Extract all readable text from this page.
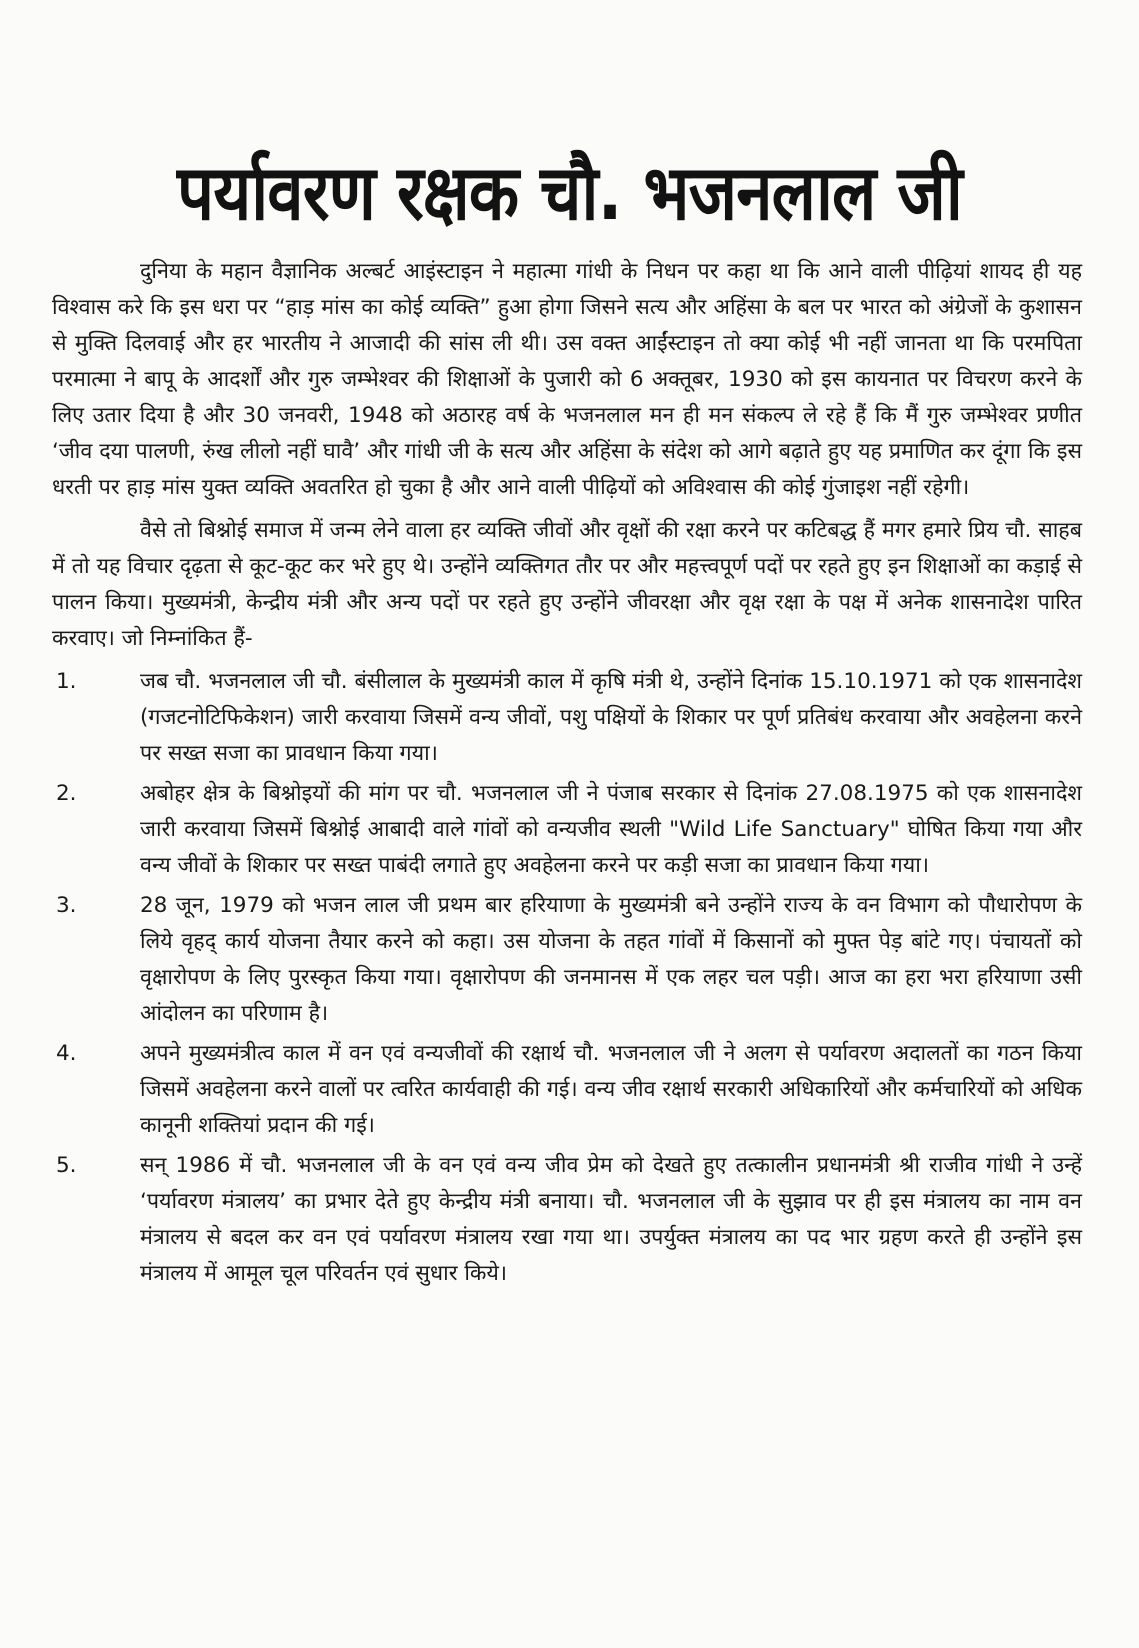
पर्यावरण रक्षक चौ. भजनलाल जी

दुनिया के महान वैज्ञानिक अल्बर्ट आइंस्टाइन ने महात्मा गांधी के निधन पर कहा था कि आने वाली पीढ़ियां शायद ही यह विश्वास करे कि इस धरा पर “हाड़ मांस का कोई व्यक्ति” हुआ होगा जिसने सत्य और अहिंसा के बल पर भारत को अंग्रेजों के कुशासन से मुक्ति दिलवाई और हर भारतीय ने आजादी की सांस ली थी। उस वक्त आईंस्टाइन तो क्या कोई भी नहीं जानता था कि परमपिता परमात्मा ने बापू के आदर्शों और गुरु जम्भेश्वर की शिक्षाओं के पुजारी को 6 अक्तूबर, 1930 को इस कायनात पर विचरण करने के लिए उतार दिया है और 30 जनवरी, 1948 को अठारह वर्ष के भजनलाल मन ही मन संकल्प ले रहे हैं कि मैं गुरु जम्भेश्वर प्रणीत ‘जीव दया पालणी, रुंख लीलो नहीं घावै’ और गांधी जी के सत्य और अहिंसा के संदेश को आगे बढ़ाते हुए यह प्रमाणित कर दूंगा कि इस धरती पर हाड़ मांस युक्त व्यक्ति अवतरित हो चुका है और आने वाली पीढ़ियों को अविश्वास की कोई गुंजाइश नहीं रहेगी।

वैसे तो बिश्नोई समाज में जन्म लेने वाला हर व्यक्ति जीवों और वृक्षों की रक्षा करने पर कटिबद्ध हैं मगर हमारे प्रिय चौ. साहब में तो यह विचार दृढ़ता से कूट-कूट कर भरे हुए थे। उन्होंने व्यक्तिगत तौर पर और महत्त्वपूर्ण पदों पर रहते हुए इन शिक्षाओं का कड़ाई से पालन किया। मुख्यमंत्री, केन्द्रीय मंत्री और अन्य पदों पर रहते हुए उन्होंने जीवरक्षा और वृक्ष रक्षा के पक्ष में अनेक शासनादेश पारित करवाए। जो निम्नांकित हैं-

1.	जब चौ. भजनलाल जी चौ. बंसीलाल के मुख्यमंत्री काल में कृषि मंत्री थे, उन्होंने दिनांक 15.10.1971 को एक शासनादेश (गजटनोटिफिकेशन) जारी करवाया जिसमें वन्य जीवों, पशु पक्षियों के शिकार पर पूर्ण प्रतिबंध करवाया और अवहेलना करने पर सख्त सजा का प्रावधान किया गया।
2.	अबोहर क्षेत्र के बिश्नोइयों की मांग पर चौ. भजनलाल जी ने पंजाब सरकार से दिनांक 27.08.1975 को एक शासनादेश जारी करवाया जिसमें बिश्नोई आबादी वाले गांवों को वन्यजीव स्थली "Wild Life Sanctuary" घोषित किया गया और वन्य जीवों के शिकार पर सख्त पाबंदी लगाते हुए अवहेलना करने पर कड़ी सजा का प्रावधान किया गया।
3.	28 जून, 1979 को भजन लाल जी प्रथम बार हरियाणा के मुख्यमंत्री बने उन्होंने राज्य के वन विभाग को पौधारोपण के लिये वृहद् कार्य योजना तैयार करने को कहा। उस योजना के तहत गांवों में किसानों को मुफ्त पेड़ बांटे गए। पंचायतों को वृक्षारोपण के लिए पुरस्कृत किया गया। वृक्षारोपण की जनमानस में एक लहर चल पड़ी। आज का हरा भरा हरियाणा उसी आंदोलन का परिणाम है।
4.	अपने मुख्यमंत्रीत्व काल में वन एवं वन्यजीवों की रक्षार्थ चौ. भजनलाल जी ने अलग से पर्यावरण अदालतों का गठन किया जिसमें अवहेलना करने वालों पर त्वरित कार्यवाही की गई। वन्य जीव रक्षार्थ सरकारी अधिकारियों और कर्मचारियों को अधिक कानूनी शक्तियां प्रदान की गई।
5.	सन् 1986 में चौ. भजनलाल जी के वन एवं वन्य जीव प्रेम को देखते हुए तत्कालीन प्रधानमंत्री श्री राजीव गांधी ने उन्हें ‘पर्यावरण मंत्रालय’ का प्रभार देते हुए केन्द्रीय मंत्री बनाया। चौ. भजनलाल जी के सुझाव पर ही इस मंत्रालय का नाम वन मंत्रालय से बदल कर वन एवं पर्यावरण मंत्रालय रखा गया था। उपर्युक्त मंत्रालय का पद भार ग्रहण करते ही उन्होंने इस मंत्रालय में आमूल चूल परिवर्तन एवं सुधार किये।
